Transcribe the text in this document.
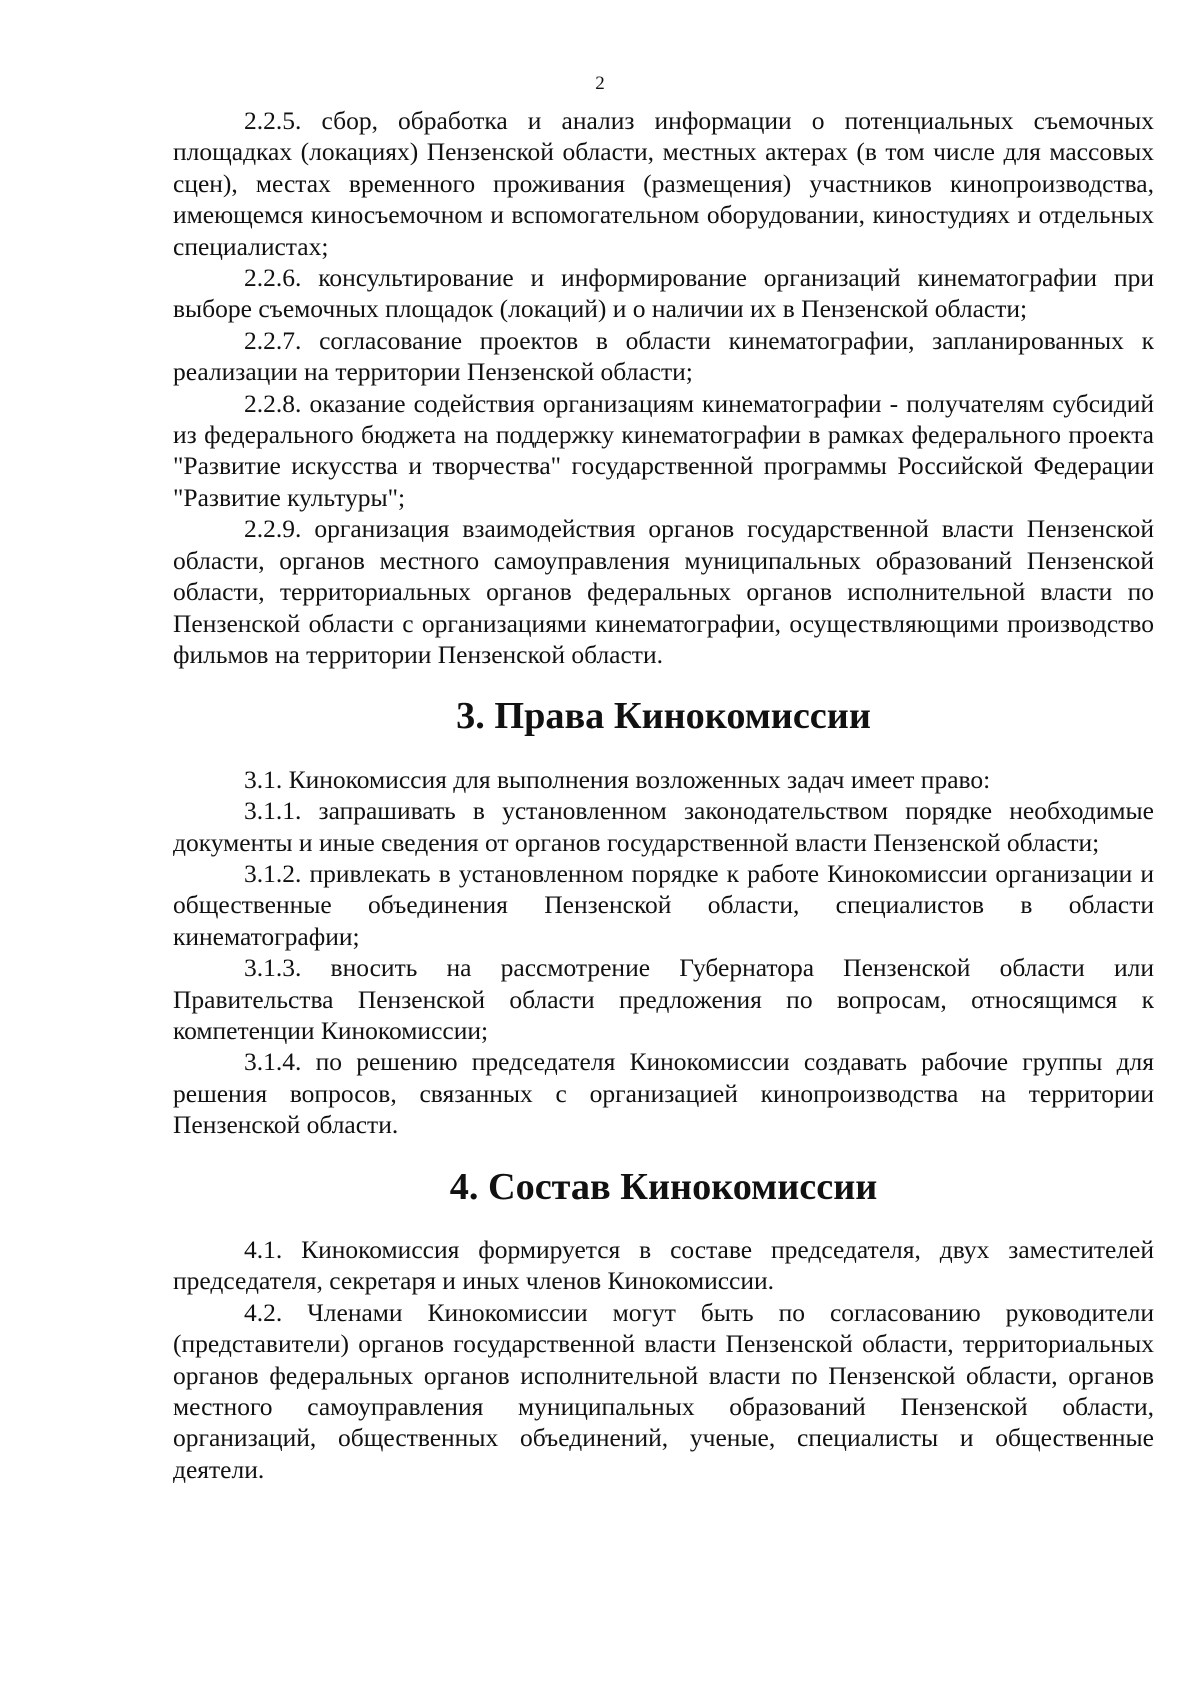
2

2.2.5. сбор, обработка и анализ информации о потенциальных съемочных площадках (локациях) Пензенской области, местных актерах (в том числе для массовых сцен), местах временного проживания (размещения) участников кинопроизводства, имеющемся киносъемочном и вспомогательном оборудовании, киностудиях и отдельных специалистах;

2.2.6. консультирование и информирование организаций кинематографии при выборе съемочных площадок (локаций) и о наличии их в Пензенской области;

2.2.7. согласование проектов в области кинематографии, запланированных к реализации на территории Пензенской области;

2.2.8. оказание содействия организациям кинематографии - получателям субсидий из федерального бюджета на поддержку кинематографии в рамках федерального проекта "Развитие искусства и творчества" государственной программы Российской Федерации "Развитие культуры";

2.2.9. организация взаимодействия органов государственной власти Пензенской области, органов местного самоуправления муниципальных образований Пензенской области, территориальных органов федеральных органов исполнительной власти по Пензенской области с организациями кинематографии, осуществляющими производство фильмов на территории Пензенской области.

3. Права Кинокомиссии

3.1. Кинокомиссия для выполнения возложенных задач имеет право:

3.1.1. запрашивать в установленном законодательством порядке необходимые документы и иные сведения от органов государственной власти Пензенской области;

3.1.2. привлекать в установленном порядке к работе Кинокомиссии организации и общественные объединения Пензенской области, специалистов в области кинематографии;

3.1.3. вносить на рассмотрение Губернатора Пензенской области или Правительства Пензенской области предложения по вопросам, относящимся к компетенции Кинокомиссии;

3.1.4. по решению председателя Кинокомиссии создавать рабочие группы для решения вопросов, связанных с организацией кинопроизводства на территории Пензенской области.

4. Состав Кинокомиссии

4.1. Кинокомиссия формируется в составе председателя, двух заместителей председателя, секретаря и иных членов Кинокомиссии.

4.2. Членами Кинокомиссии могут быть по согласованию руководители (представители) органов государственной власти Пензенской области, территориальных органов федеральных органов исполнительной власти по Пензенской области, органов местного самоуправления муниципальных образований Пензенской области, организаций, общественных объединений, ученые, специалисты и общественные деятели.
